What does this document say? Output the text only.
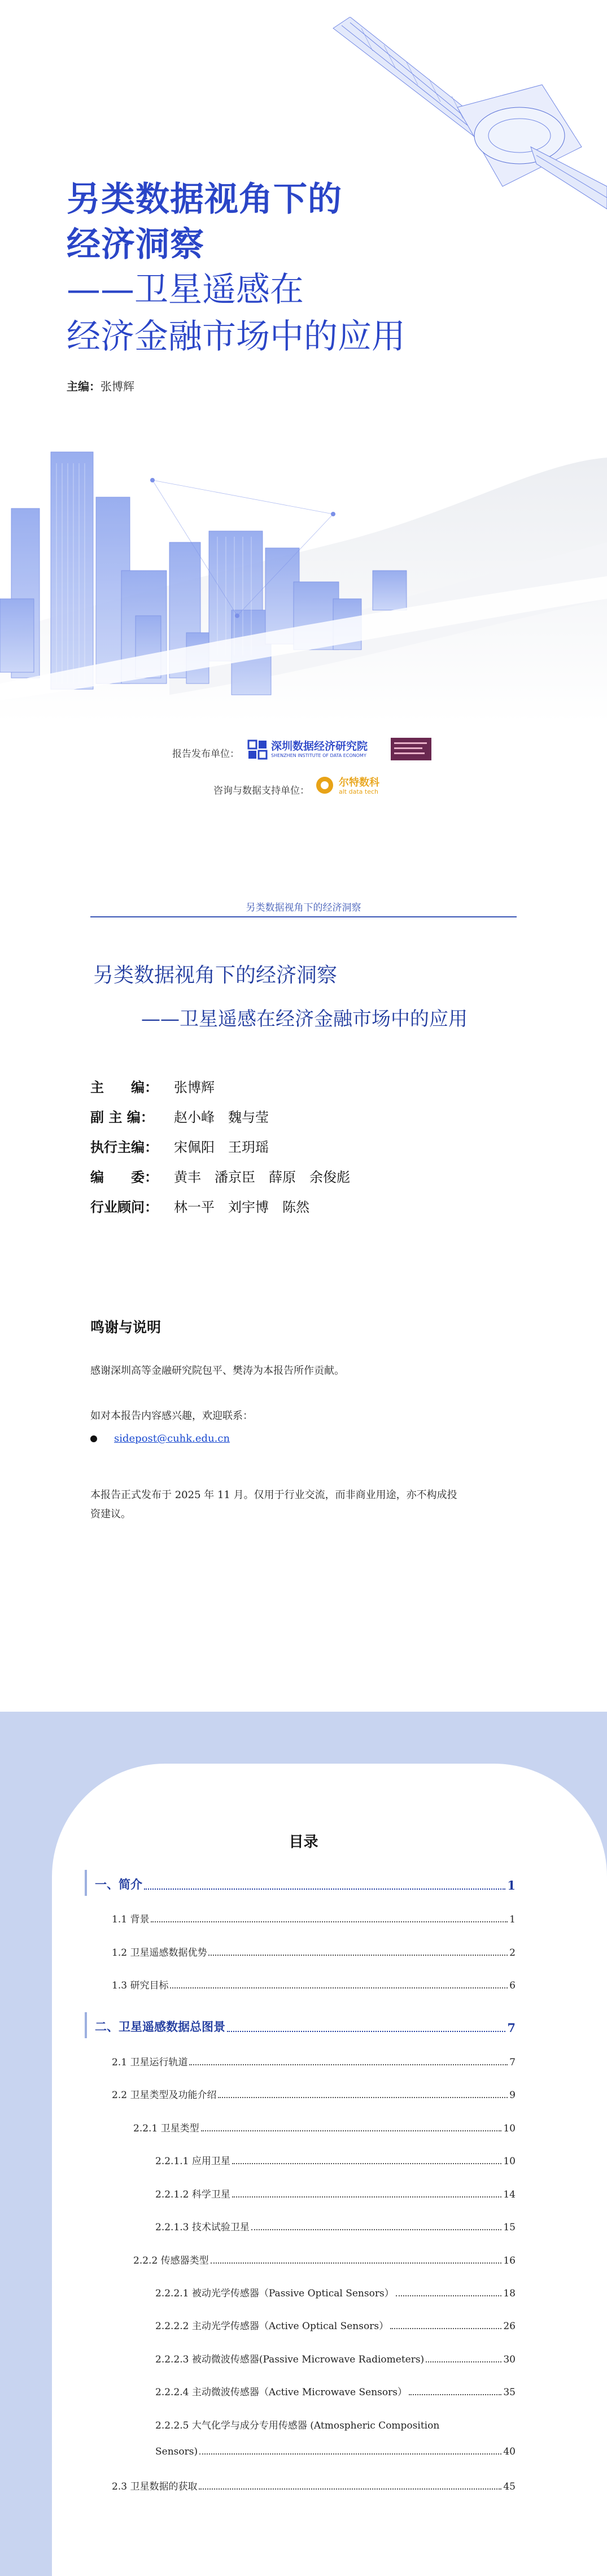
另类数据视角下的
经济洞察
——卫星遥感在
经济金融市场中的应用
主编：张博辉
报告发布单位：
深圳数据经济研究院
SHENZHEN INSTITUTE OF DATA ECONOMY
咨询与数据支持单位：
尔特数科
alt data tech
另类数据视角下的经济洞察
另类数据视角下的经济洞察
——卫星遥感在经济金融市场中的应用
主　　编： 张博辉
副 主 编： 赵小峰　魏与莹
执行主编： 宋佩阳　王玥瑶
编　　委： 黄丰　潘京臣　薛原　余俊彪
行业顾问： 林一平　刘宇博　陈然
鸣谢与说明
感谢深圳高等金融研究院包平、樊涛为本报告所作贡献。
如对本报告内容感兴趣，欢迎联系：
sidepost@cuhk.edu.cn
本报告正式发布于 2025 年 11 月。仅用于行业交流，而非商业用途，亦不构成投
资建议。
目录
一、简介	1
1.1 背景	1
1.2 卫星遥感数据优势	2
1.3 研究目标	6
二、卫星遥感数据总图景	7
2.1 卫星运行轨道	7
2.2 卫星类型及功能介绍	9
2.2.1 卫星类型	10
2.2.1.1 应用卫星	10
2.2.1.2 科学卫星	14
2.2.1.3 技术试验卫星	15
2.2.2 传感器类型	16
2.2.2.1 被动光学传感器（Passive Optical Sensors）	18
2.2.2.2 主动光学传感器（Active Optical Sensors）	26
2.2.2.3 被动微波传感器(Passive Microwave Radiometers)	30
2.2.2.4 主动微波传感器（Active Microwave Sensors）	35
2.2.2.5 大气化学与成分专用传感器 (Atmospheric Composition
Sensors)	40
2.3 卫星数据的获取	45
